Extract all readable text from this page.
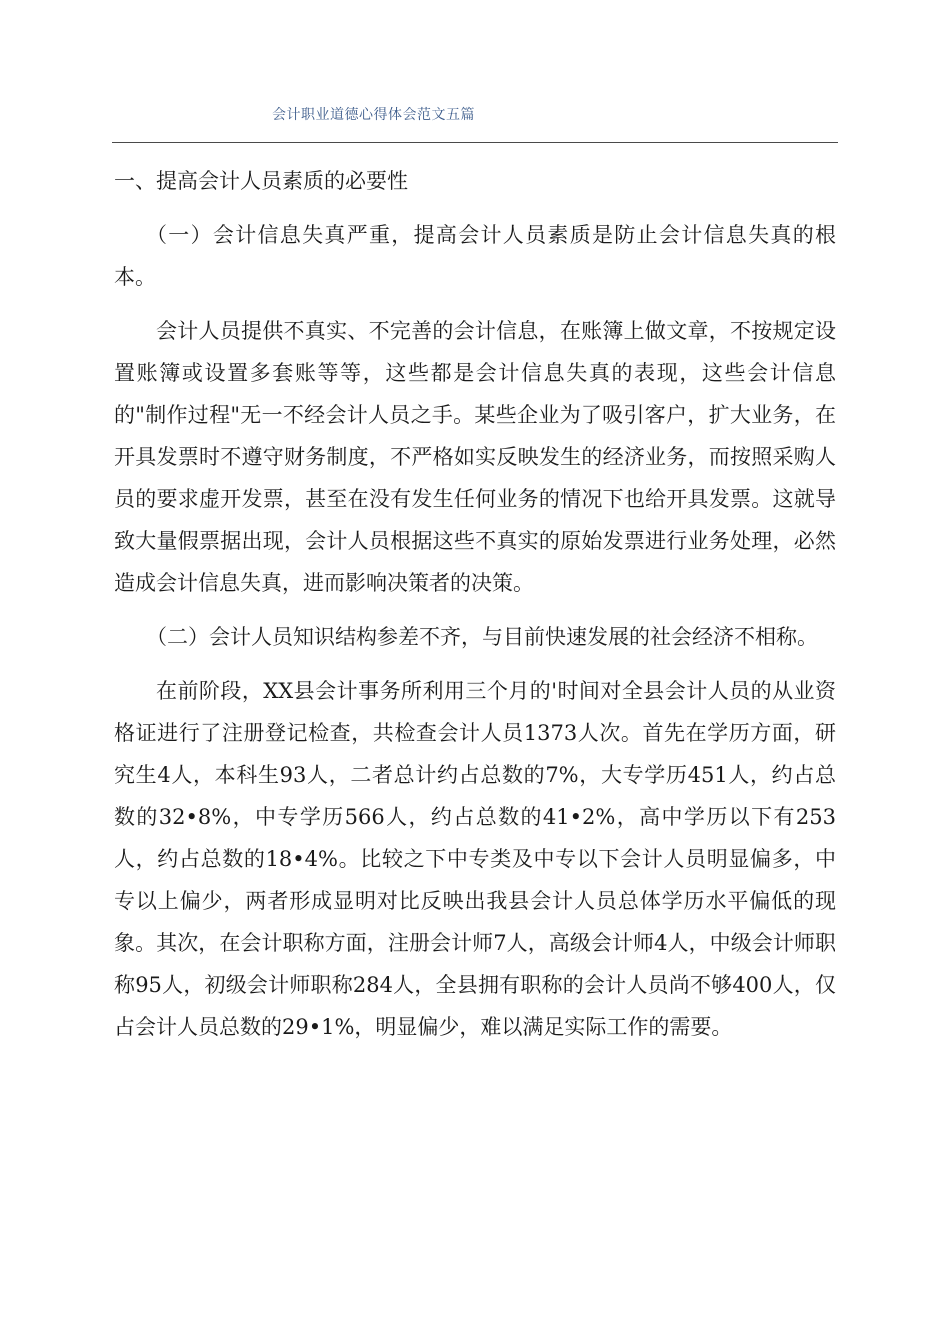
会计职业道德心得体会范文五篇

一、提高会计人员素质的必要性

（一）会计信息失真严重，提高会计人员素质是防止会计信息失真的根本。

会计人员提供不真实、不完善的会计信息，在账簿上做文章，不按规定设置账簿或设置多套账等等，这些都是会计信息失真的表现，这些会计信息的"制作过程"无一不经会计人员之手。某些企业为了吸引客户，扩大业务，在开具发票时不遵守财务制度，不严格如实反映发生的经济业务，而按照采购人员的要求虚开发票，甚至在没有发生任何业务的情况下也给开具发票。这就导致大量假票据出现，会计人员根据这些不真实的原始发票进行业务处理，必然造成会计信息失真，进而影响决策者的决策。

（二）会计人员知识结构参差不齐，与目前快速发展的社会经济不相称。

在前阶段，XX县会计事务所利用三个月的'时间对全县会计人员的从业资格证进行了注册登记检查，共检查会计人员1373人次。首先在学历方面，研究生4人，本科生93人，二者总计约占总数的7%，大专学历451人，约占总数的32•8%，中专学历566人，约占总数的41•2%，高中学历以下有253人，约占总数的18•4%。比较之下中专类及中专以下会计人员明显偏多，中专以上偏少，两者形成显明对比反映出我县会计人员总体学历水平偏低的现象。其次，在会计职称方面，注册会计师7人，高级会计师4人，中级会计师职称95人，初级会计师职称284人，全县拥有职称的会计人员尚不够400人，仅占会计人员总数的29•1%，明显偏少，难以满足实际工作的需要。
